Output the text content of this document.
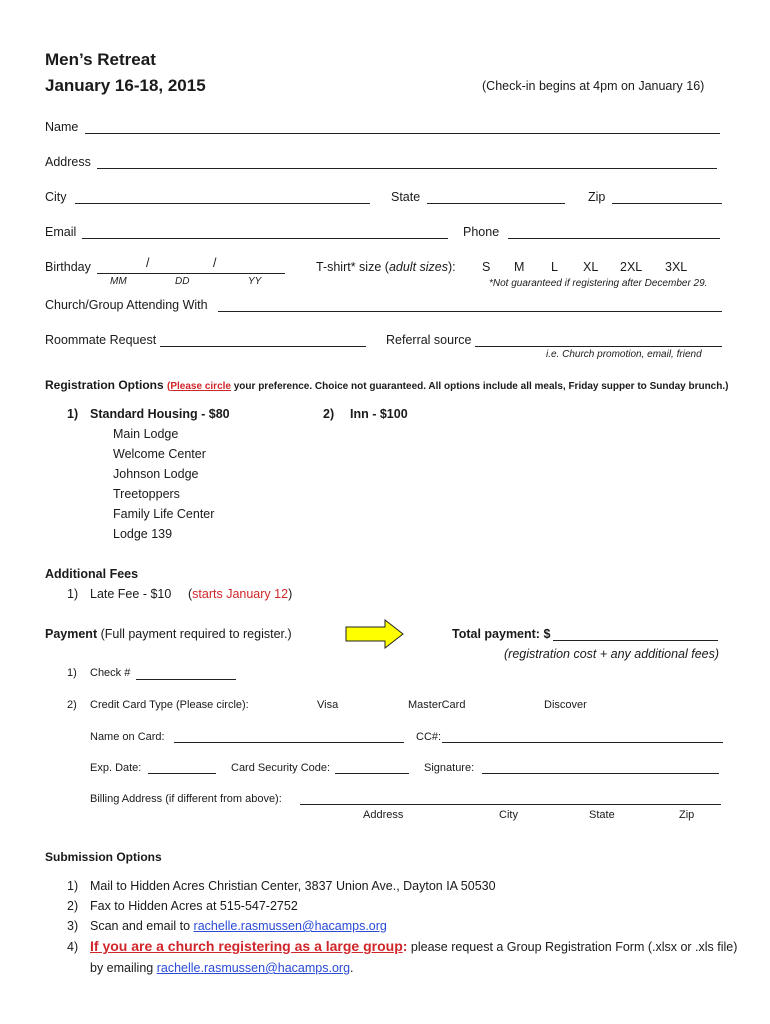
Men’s Retreat
January 16-18, 2015	(Check-in begins at 4pm on January 16)
Name
Address
City	State	Zip
Email	Phone
Birthday	/	/
MM	DD	YY
T-shirt* size (adult sizes): S M L XL 2XL 3XL
*Not guaranteed if registering after December 29.
Church/Group Attending With
Roommate Request	Referral source
i.e. Church promotion, email, friend
Registration Options (Please circle your preference. Choice not guaranteed. All options include all meals, Friday supper to Sunday brunch.)
1) Standard Housing - $80	2) Inn - $100
Main Lodge
Welcome Center
Johnson Lodge
Treetoppers
Family Life Center
Lodge 139
Additional Fees
1) Late Fee - $10 (starts January 12)
Payment (Full payment required to register.)	Total payment: $
(registration cost + any additional fees)
1) Check #
2) Credit Card Type (Please circle):	Visa	MasterCard	Discover
Name on Card:	CC#:
Exp. Date:	Card Security Code:	Signature:
Billing Address (if different from above):
Address	City	State	Zip
Submission Options
1) Mail to Hidden Acres Christian Center, 3837 Union Ave., Dayton IA 50530
2) Fax to Hidden Acres at 515-547-2752
3) Scan and email to rachelle.rasmussen@hacamps.org
4) If you are a church registering as a large group: please request a Group Registration Form (.xlsx or .xls file)
by emailing rachelle.rasmussen@hacamps.org.
